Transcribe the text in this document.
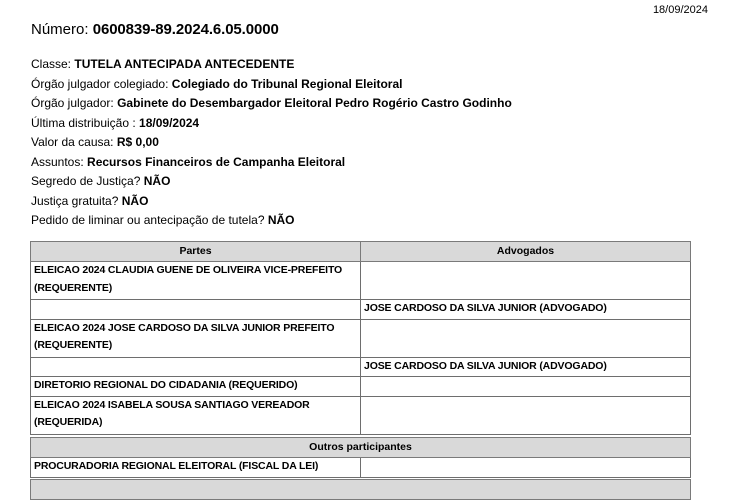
18/09/2024
Número: 0600839-89.2024.6.05.0000
Classe: TUTELA ANTECIPADA ANTECEDENTE
Órgão julgador colegiado: Colegiado do Tribunal Regional Eleitoral
Órgão julgador: Gabinete do Desembargador Eleitoral Pedro Rogério Castro Godinho
Última distribuição : 18/09/2024
Valor da causa: R$ 0,00
Assuntos: Recursos Financeiros de Campanha Eleitoral
Segredo de Justiça? NÃO
Justiça gratuita? NÃO
Pedido de liminar ou antecipação de tutela? NÃO
Partes	Advogados
ELEICAO 2024 CLAUDIA GUENE DE OLIVEIRA VICE-PREFEITO (REQUERENTE)	
	JOSE CARDOSO DA SILVA JUNIOR (ADVOGADO)
ELEICAO 2024 JOSE CARDOSO DA SILVA JUNIOR PREFEITO (REQUERENTE)	
	JOSE CARDOSO DA SILVA JUNIOR (ADVOGADO)
DIRETORIO REGIONAL DO CIDADANIA (REQUERIDO)	
ELEICAO 2024 ISABELA SOUSA SANTIAGO VEREADOR (REQUERIDA)	
Outros participantes
PROCURADORIA REGIONAL ELEITORAL (FISCAL DA LEI)	
